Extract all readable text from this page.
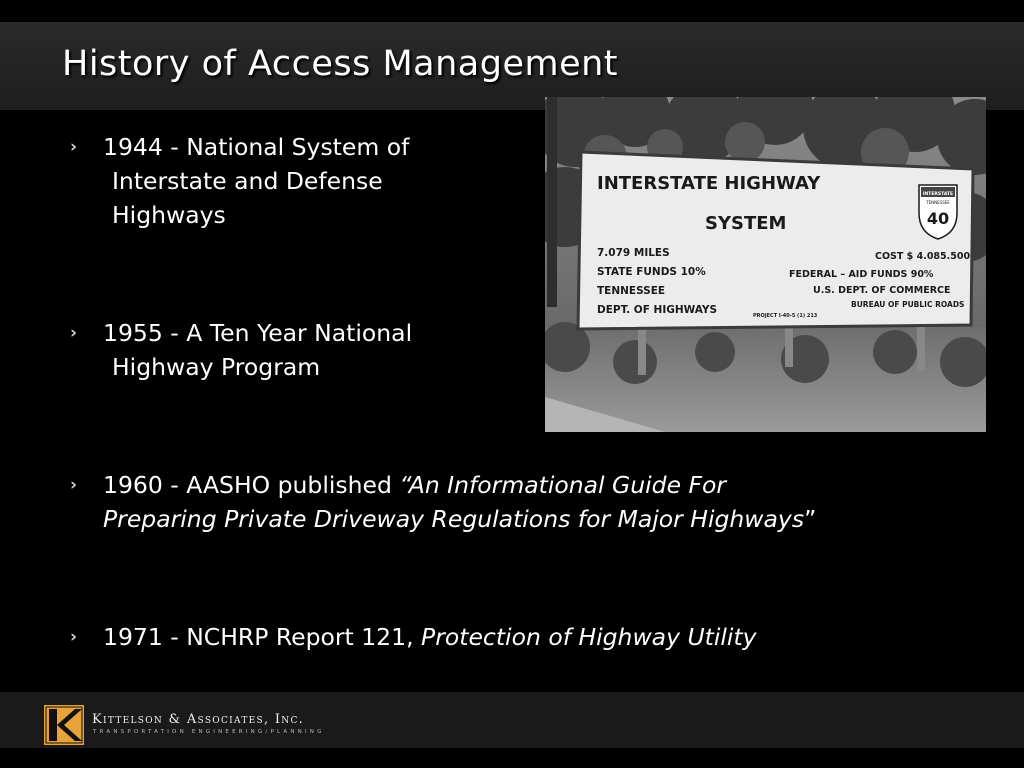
History of Access Management
›	1944 - National System of
Interstate and Defense
Highways
›	1955 - A Ten Year National
Highway Program
›	1960 - AASHO published “An Informational Guide For
Preparing Private Driveway Regulations for Major Highways”
›	1971 - NCHRP Report 121, Protection of Highway Utility
INTERSTATE HIGHWAY
SYSTEM
7.079 MILES
STATE FUNDS 10%
TENNESSEE
DEPT. OF HIGHWAYS
COST $ 4.085.500
FEDERAL – AID FUNDS 90%
U.S. DEPT. OF COMMERCE
BUREAU OF PUBLIC ROADS
PROJECT I-40-5 (1) 213
INTERSTATE
TENNESSEE
40
Kittelson & Associates, Inc.
TRANSPORTATION ENGINEERING/PLANNING
